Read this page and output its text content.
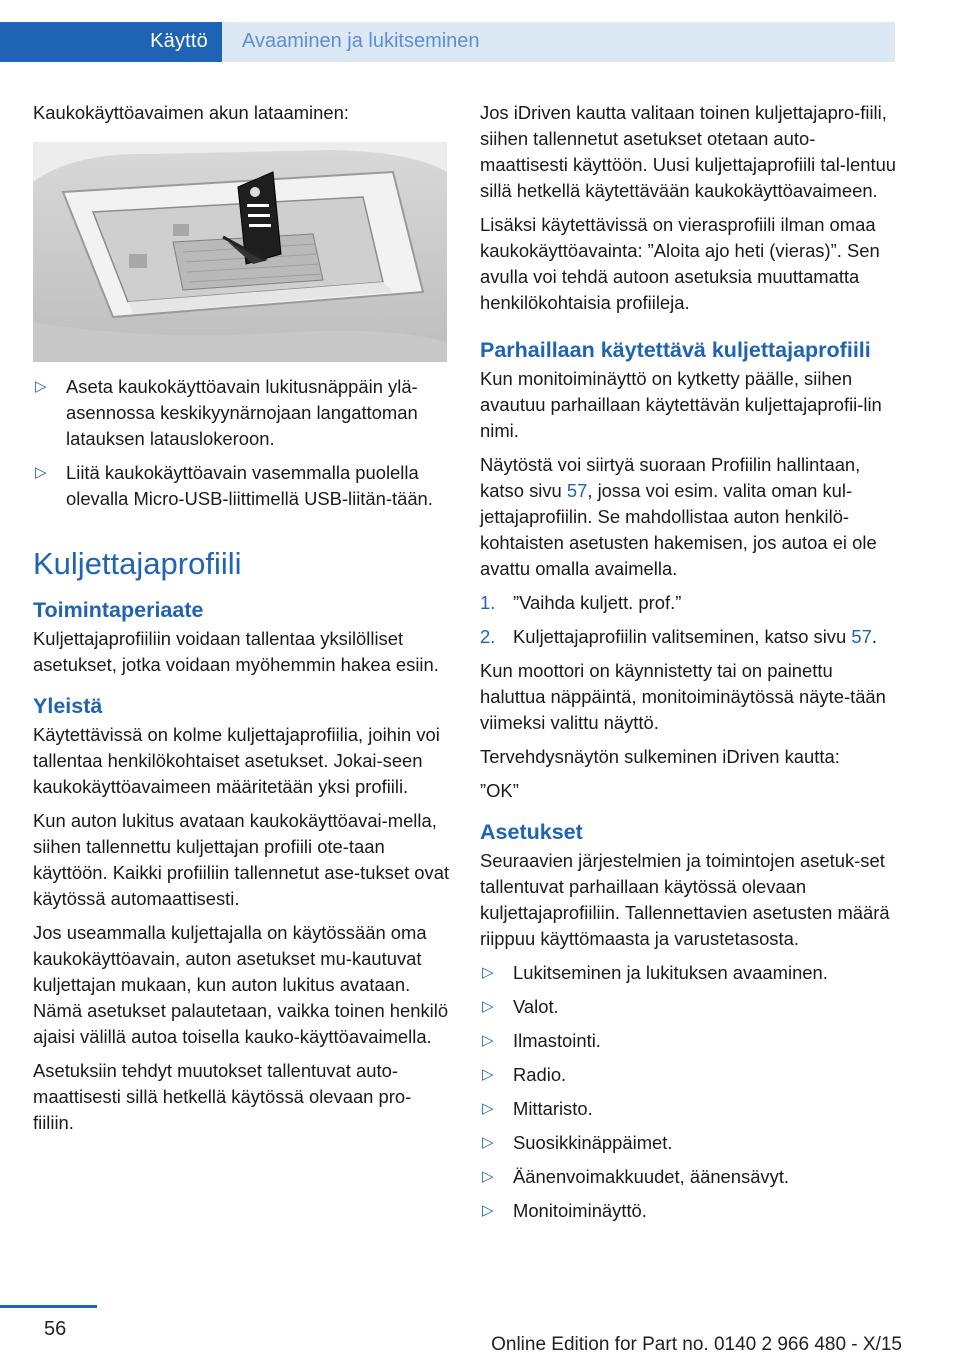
Käyttö Avaaminen ja lukitseminen

Kaukokäyttöavaimen akun lataaminen:

▷ Aseta kaukokäyttöavain lukitusnäppäin ylä-asennossa keskikyynärnojaan langattoman latauksen latauslokeroon.
▷ Liitä kaukokäyttöavain vasemmalla puolella olevalla Micro-USB-liittimellä USB-liitän-tään.
Kuljettajaprofiili
Toimintaperiaate

Kuljettajaprofiiliin voidaan tallentaa yksilölliset asetukset, jotka voidaan myöhemmin hakea esiin.

Yleistä

Käytettävissä on kolme kuljettajaprofiilia, joihin voi tallentaa henkilökohtaiset asetukset. Jokai-seen kaukokäyttöavaimeen määritetään yksi profiili.

Kun auton lukitus avataan kaukokäyttöavai-mella, siihen tallennettu kuljettajan profiili ote-taan käyttöön. Kaikki profiiliin tallennetut ase-tukset ovat käytössä automaattisesti.

Jos useammalla kuljettajalla on käytössään oma kaukokäyttöavain, auton asetukset mu-kautuvat kuljettajan mukaan, kun auton lukitus avataan. Nämä asetukset palautetaan, vaikka toinen henkilö ajaisi välillä autoa toisella kauko-käyttöavaimella.

Asetuksiin tehdyt muutokset tallentuvat auto-maattisesti sillä hetkellä käytössä olevaan pro-fiiliin.

Jos iDriven kautta valitaan toinen kuljettajapro-fiili, siihen tallennetut asetukset otetaan auto-maattisesti käyttöön. Uusi kuljettajaprofiili tal-lentuu sillä hetkellä käytettävään kaukokäyttöavaimeen.

Lisäksi käytettävissä on vierasprofiili ilman omaa kaukokäyttöavainta: ”Aloita ajo heti (vieras)”. Sen avulla voi tehdä autoon asetuksia muuttamatta henkilökohtaisia profiileja.

Parhaillaan käytettävä kuljettajaprofiili

Kun monitoiminäyttö on kytketty päälle, siihen avautuu parhaillaan käytettävän kuljettajaprofii-lin nimi.

Näytöstä voi siirtyä suoraan Profiilin hallintaan, katso sivu 57, jossa voi esim. valita oman kul-jettajaprofiilin. Se mahdollistaa auton henkilö-kohtaisten asetusten hakemisen, jos autoa ei ole avattu omalla avaimella.

1. ”Vaihda kuljett. prof.”
2. Kuljettajaprofiilin valitseminen, katso sivu 57.

Kun moottori on käynnistetty tai on painettu haluttua näppäintä, monitoiminäytössä näyte-tään viimeksi valittu näyttö.

Tervehdysnäytön sulkeminen iDriven kautta:

”OK”

Asetukset

Seuraavien järjestelmien ja toimintojen asetuk-set tallentuvat parhaillaan käytössä olevaan kuljettajaprofiiliin. Tallennettavien asetusten määrä riippuu käyttömaasta ja varustetasosta.

▷ Lukitseminen ja lukituksen avaaminen.
▷ Valot.
▷ Ilmastointi.
▷ Radio.
▷ Mittaristo.
▷ Suosikkinäppäimet.
▷ Äänenvoimakkuudet, äänensävyt.
▷ Monitoiminäyttö.
56
Online Edition for Part no. 0140 2 966 480 - X/15
